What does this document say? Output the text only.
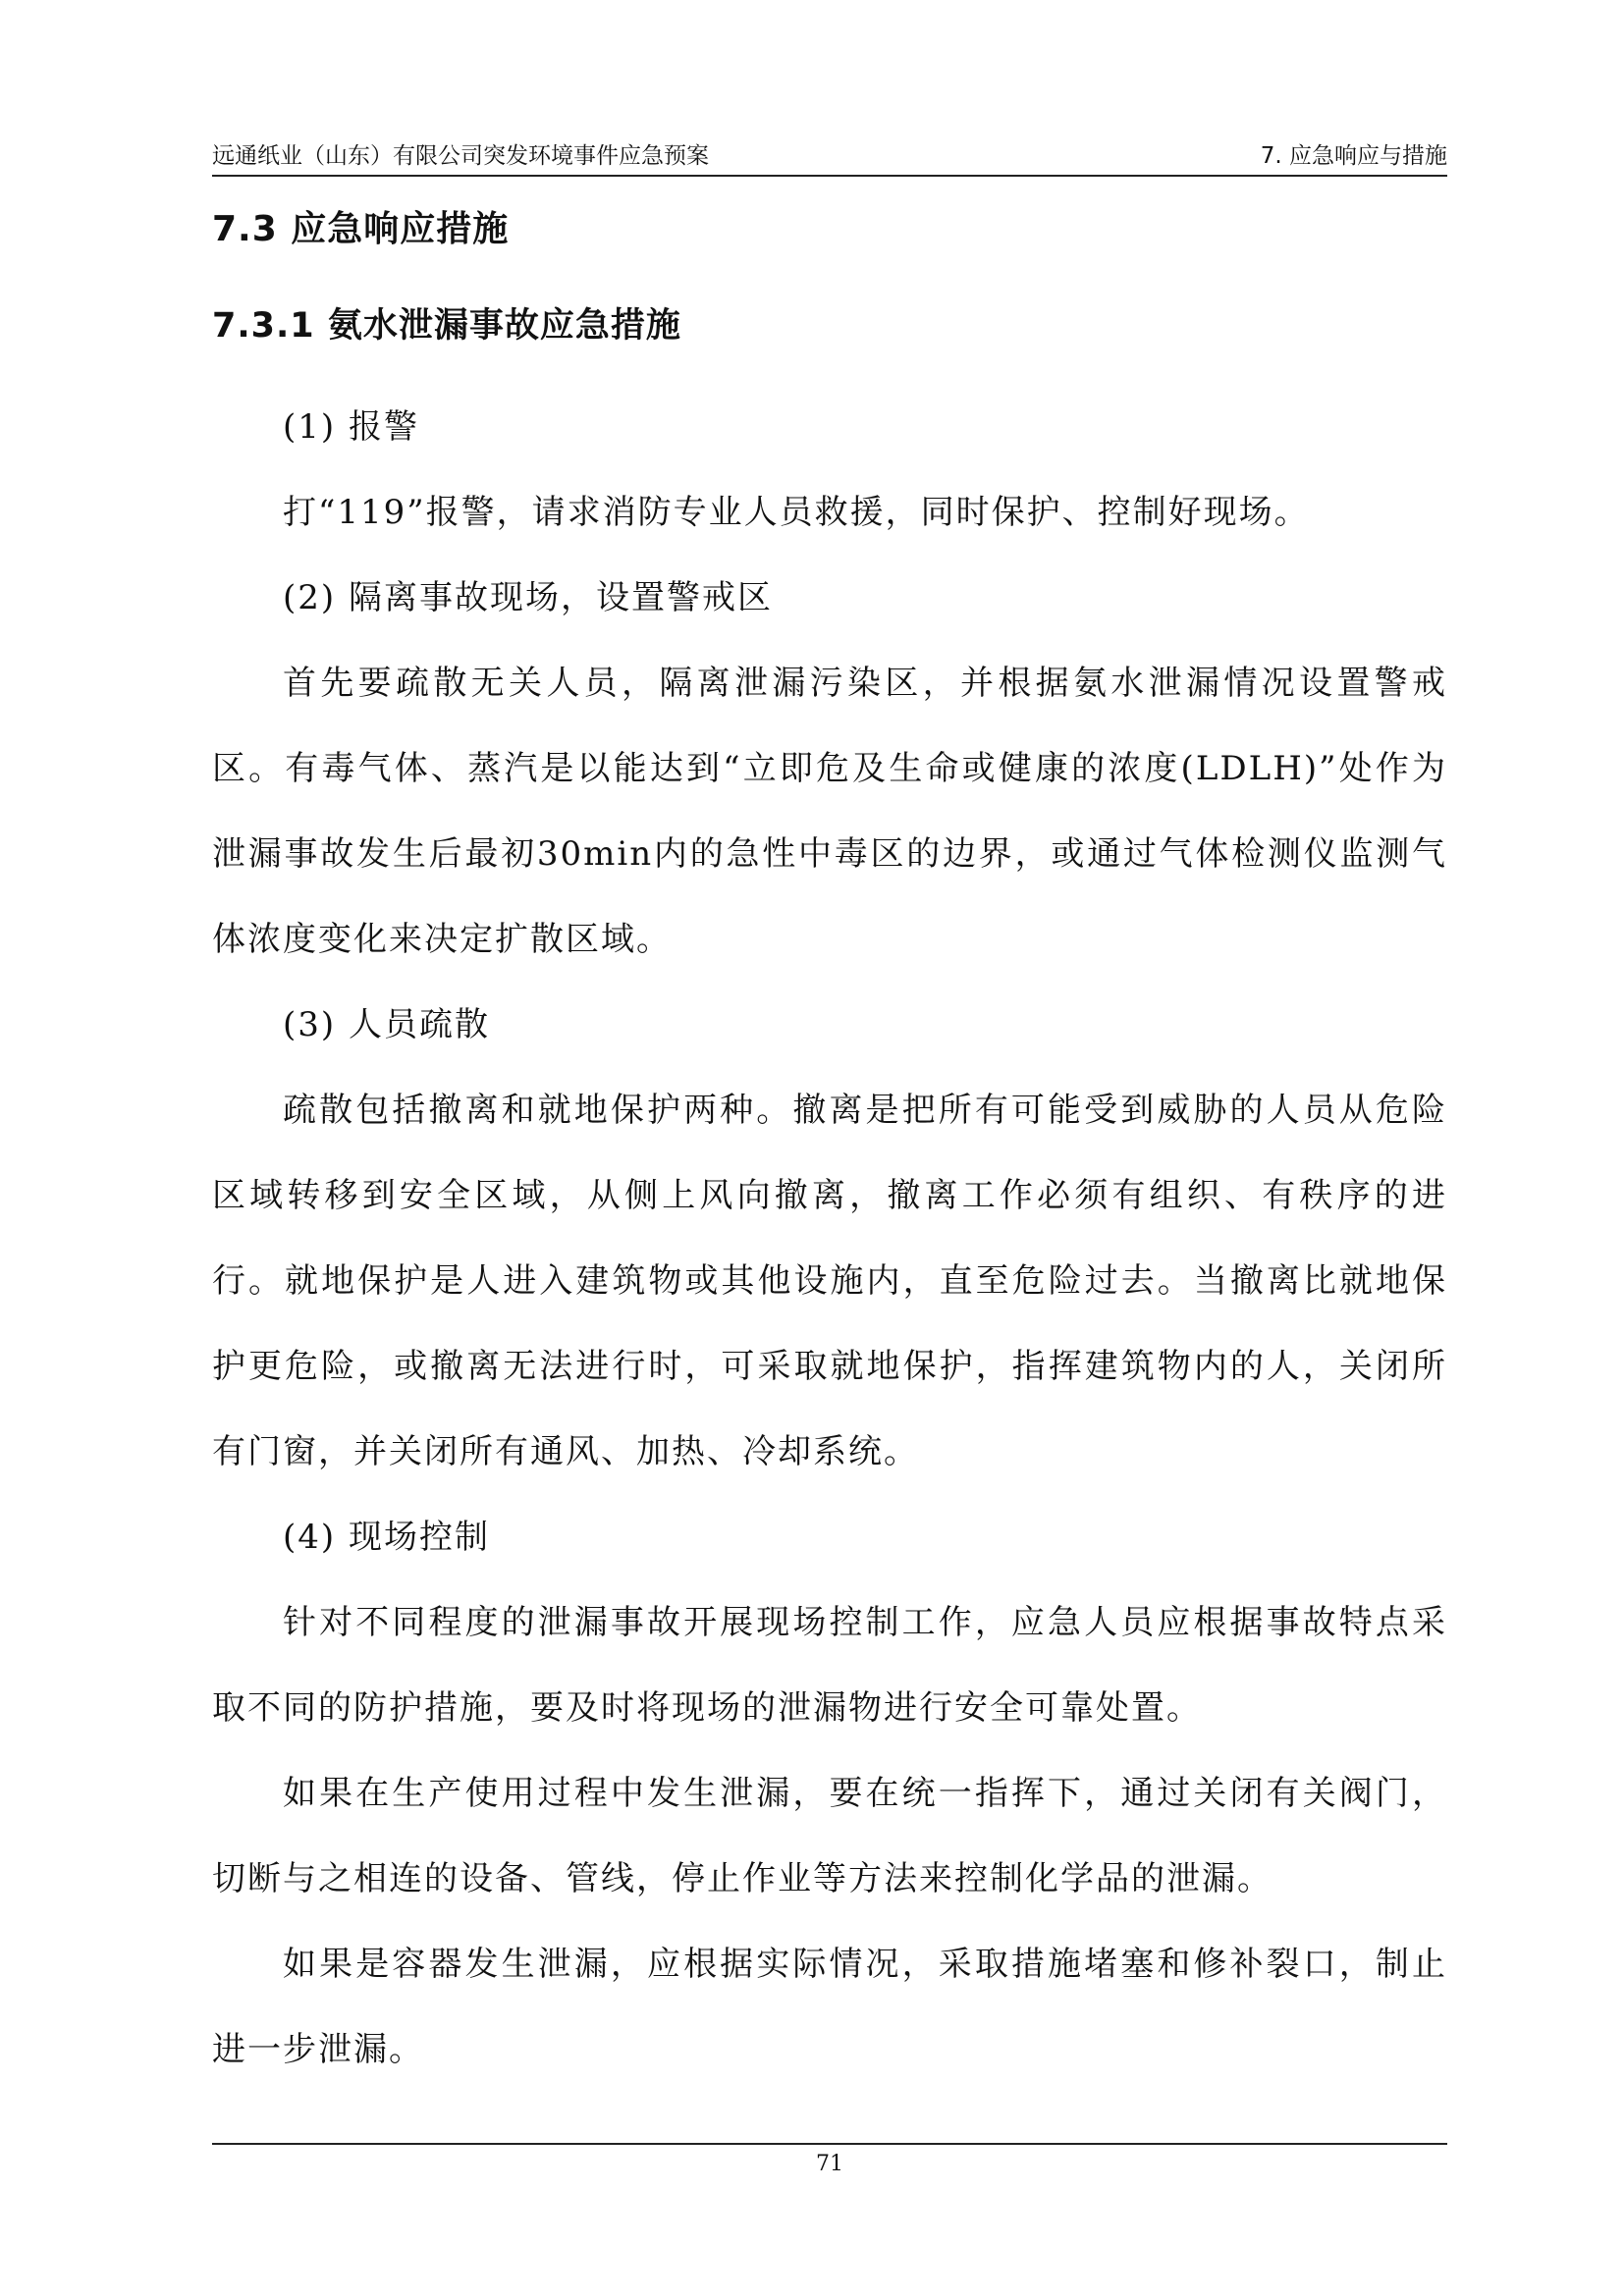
远通纸业（山东）有限公司突发环境事件应急预案	7. 应急响应与措施
7.3 应急响应措施
7.3.1 氨水泄漏事故应急措施

(1) 报警

打“119”报警，请求消防专业人员救援，同时保护、控制好现场。

(2) 隔离事故现场，设置警戒区

首先要疏散无关人员，隔离泄漏污染区，并根据氨水泄漏情况设置警戒区。有毒气体、蒸汽是以能达到“立即危及生命或健康的浓度(LDLH)”处作为泄漏事故发生后最初30min内的急性中毒区的边界，或通过气体检测仪监测气体浓度变化来决定扩散区域。

(3) 人员疏散

疏散包括撤离和就地保护两种。撤离是把所有可能受到威胁的人员从危险区域转移到安全区域，从侧上风向撤离，撤离工作必须有组织、有秩序的进行。就地保护是人进入建筑物或其他设施内，直至危险过去。当撤离比就地保护更危险，或撤离无法进行时，可采取就地保护，指挥建筑物内的人，关闭所有门窗，并关闭所有通风、加热、冷却系统。

(4) 现场控制

针对不同程度的泄漏事故开展现场控制工作，应急人员应根据事故特点采取不同的防护措施，要及时将现场的泄漏物进行安全可靠处置。

如果在生产使用过程中发生泄漏，要在统一指挥下，通过关闭有关阀门，切断与之相连的设备、管线，停止作业等方法来控制化学品的泄漏。

如果是容器发生泄漏，应根据实际情况，采取措施堵塞和修补裂口，制止进一步泄漏。

71
